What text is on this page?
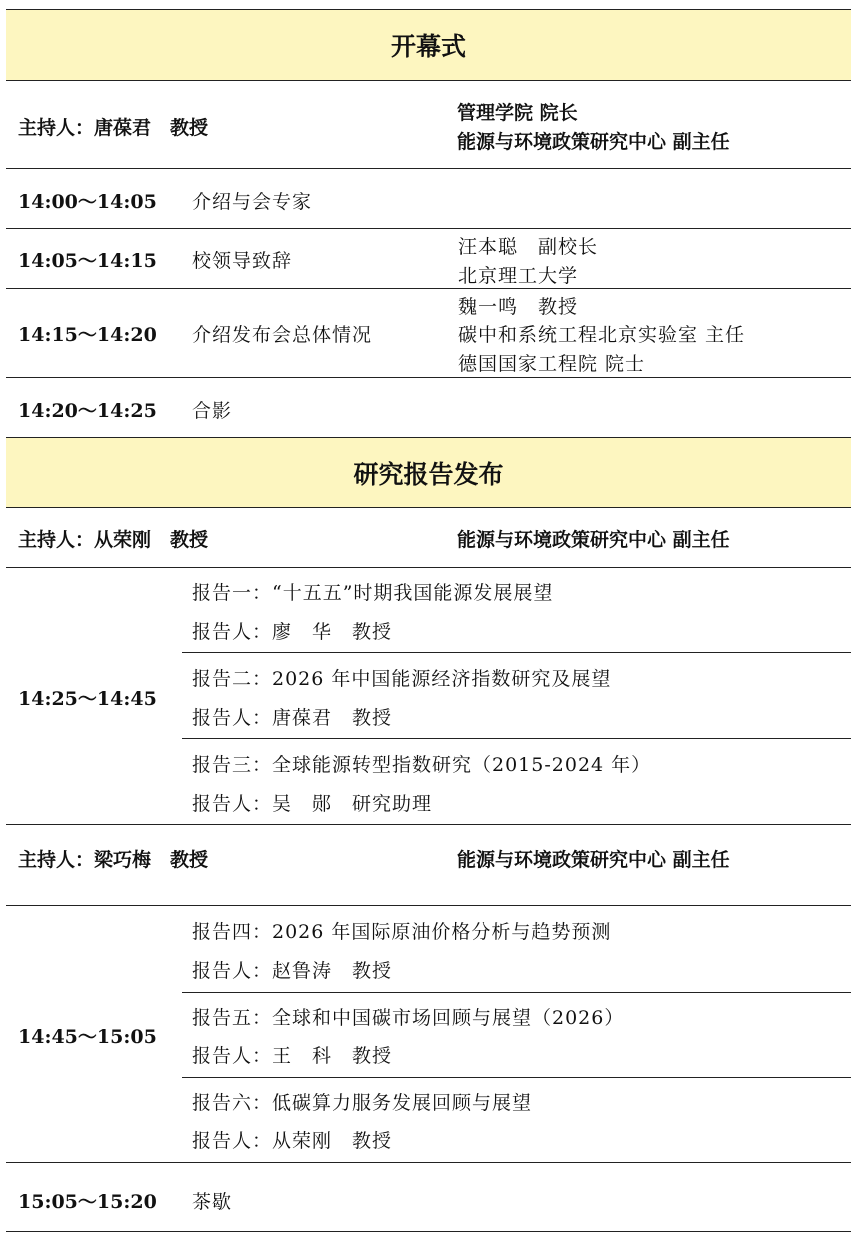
开幕式
主持人：唐葆君　教授
管理学院 院长
能源与环境政策研究中心 副主任
14:00～14:05 介绍与会专家
14:05～14:15 校领导致辞
汪本聪　副校长
北京理工大学
14:15～14:20 介绍发布会总体情况
魏一鸣　教授
碳中和系统工程北京实验室 主任
德国国家工程院 院士
14:20～14:25 合影
研究报告发布
主持人：从荣刚　教授	能源与环境政策研究中心 副主任
14:25～14:45
报告一：“十五五”时期我国能源发展展望
报告人：廖　华　教授
报告二：2026 年中国能源经济指数研究及展望
报告人：唐葆君　教授
报告三：全球能源转型指数研究（2015-2024 年）
报告人：吴　郧　研究助理
主持人：梁巧梅　教授	能源与环境政策研究中心 副主任
14:45～15:05
报告四：2026 年国际原油价格分析与趋势预测
报告人：赵鲁涛　教授
报告五：全球和中国碳市场回顾与展望（2026）
报告人：王　科　教授
报告六：低碳算力服务发展回顾与展望
报告人：从荣刚　教授
15:05～15:20 茶歇
